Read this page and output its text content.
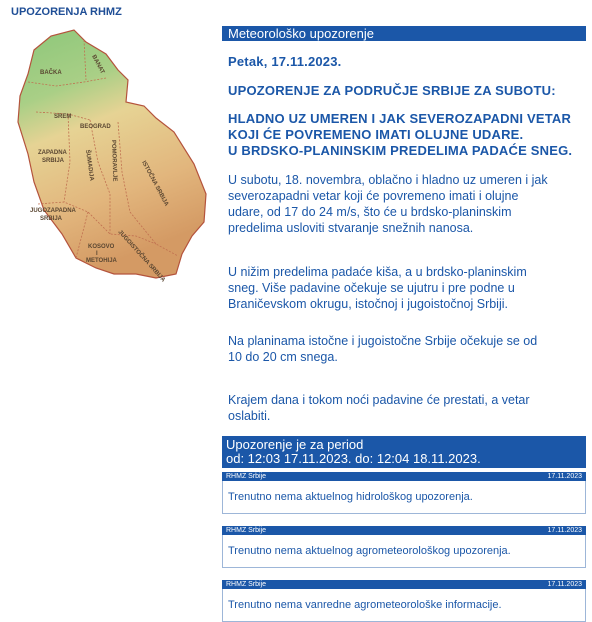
UPOZORENJA RHMZ
BAČKA	BANAT
SREM
BEOGRAD
ZAPADNA
SRBIJA	ŠUMADIJA	POMORAVLJE	ISTOČNA SRBIJA
JUGOZAPADNA
SRBIJA
JUGOISTOČNA SRBIJA
KOSOVO
I
METOHIJA
Meteorološko upozorenje
Petak, 17.11.2023.
UPOZORENJE ZA PODRUČJE SRBIJE ZA SUBOTU:
HLADNO UZ UMEREN I JAK SEVEROZAPADNI VETAR
KOJI ĆE POVREMENO IMATI OLUJNE UDARE.
U BRDSKO-PLANINSKIM PREDELIMA PADAĆE SNEG.
U subotu, 18. novembra, oblačno i hladno uz umeren i jak
severozapadni vetar koji će povremeno imati i olujne
udare, od 17 do 24 m/s, što će u brdsko-planinskim
predelima usloviti stvaranje snežnih nanosa.
U nižim predelima padaće kiša, a u brdsko-planinskim
sneg. Više padavine očekuje se ujutru i pre podne u
Braničevskom okrugu, istočnoj i jugoistočnoj Srbiji.
Na planinama istočne i jugoistočne Srbije očekuje se od
10 do 20 cm snega.
Krajem dana i tokom noći padavine će prestati, a vetar
oslabiti.
Upozorenje je za period
od: 12:03 17.11.2023. do: 12:04 18.11.2023.
RHMZ Srbije	17.11.2023
Trenutno nema aktuelnog hidrološkog upozorenja.
RHMZ Srbije	17.11.2023
Trenutno nema aktuelnog agrometeorološkog upozorenja.
RHMZ Srbije	17.11.2023
Trenutno nema vanredne agrometeorološke informacije.
